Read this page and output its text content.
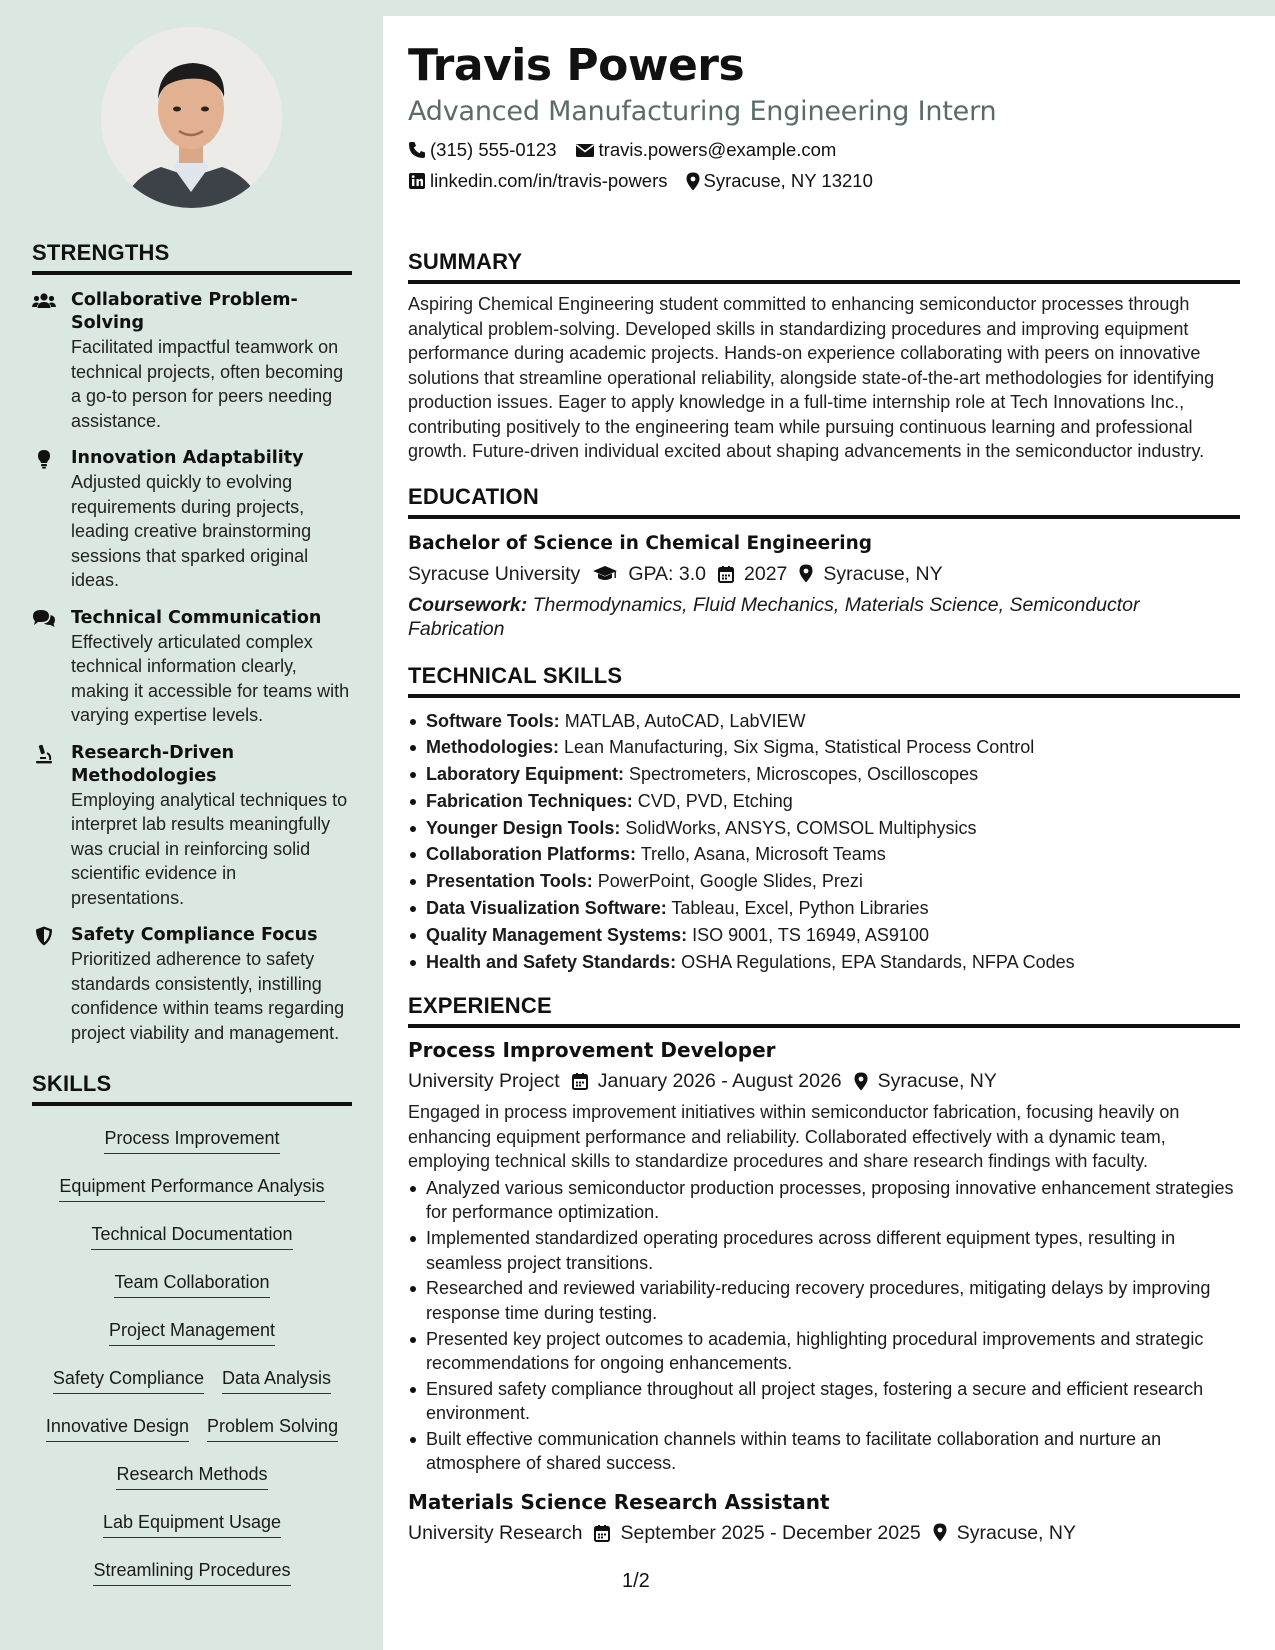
STRENGTHS
Collaborative Problem-Solving
Facilitated impactful teamwork on technical projects, often becoming a go-to person for peers needing assistance.
Innovation Adaptability
Adjusted quickly to evolving requirements during projects, leading creative brainstorming sessions that sparked original ideas.
Technical Communication
Effectively articulated complex technical information clearly, making it accessible for teams with varying expertise levels.
Research-Driven Methodologies
Employing analytical techniques to interpret lab results meaningfully was crucial in reinforcing solid scientific evidence in presentations.
Safety Compliance Focus
Prioritized adherence to safety standards consistently, instilling confidence within teams regarding project viability and management.
SKILLS
Process Improvement
Equipment Performance Analysis
Technical Documentation
Team Collaboration
Project Management
Safety Compliance Data Analysis
Innovative Design Problem Solving
Research Methods
Lab Equipment Usage
Streamlining Procedures
Travis Powers
Advanced Manufacturing Engineering Intern
(315) 555-0123 travis.powers@example.com
linkedin.com/in/travis-powers Syracuse, NY 13210
SUMMARY
Aspiring Chemical Engineering student committed to enhancing semiconductor processes through analytical problem-solving. Developed skills in standardizing procedures and improving equipment performance during academic projects. Hands-on experience collaborating with peers on innovative solutions that streamline operational reliability, alongside state-of-the-art methodologies for identifying production issues. Eager to apply knowledge in a full-time internship role at Tech Innovations Inc., contributing positively to the engineering team while pursuing continuous learning and professional growth. Future-driven individual excited about shaping advancements in the semiconductor industry.
EDUCATION
Bachelor of Science in Chemical Engineering
Syracuse University GPA: 3.0 2027 Syracuse, NY
Coursework: Thermodynamics, Fluid Mechanics, Materials Science, Semiconductor Fabrication
TECHNICAL SKILLS
Software Tools: MATLAB, AutoCAD, LabVIEW
Methodologies: Lean Manufacturing, Six Sigma, Statistical Process Control
Laboratory Equipment: Spectrometers, Microscopes, Oscilloscopes
Fabrication Techniques: CVD, PVD, Etching
Younger Design Tools: SolidWorks, ANSYS, COMSOL Multiphysics
Collaboration Platforms: Trello, Asana, Microsoft Teams
Presentation Tools: PowerPoint, Google Slides, Prezi
Data Visualization Software: Tableau, Excel, Python Libraries
Quality Management Systems: ISO 9001, TS 16949, AS9100
Health and Safety Standards: OSHA Regulations, EPA Standards, NFPA Codes
EXPERIENCE
Process Improvement Developer
University Project January 2026 - August 2026 Syracuse, NY
Engaged in process improvement initiatives within semiconductor fabrication, focusing heavily on enhancing equipment performance and reliability. Collaborated effectively with a dynamic team, employing technical skills to standardize procedures and share research findings with faculty.
Analyzed various semiconductor production processes, proposing innovative enhancement strategies for performance optimization.
Implemented standardized operating procedures across different equipment types, resulting in seamless project transitions.
Researched and reviewed variability-reducing recovery procedures, mitigating delays by improving response time during testing.
Presented key project outcomes to academia, highlighting procedural improvements and strategic recommendations for ongoing enhancements.
Ensured safety compliance throughout all project stages, fostering a secure and efficient research environment.
Built effective communication channels within teams to facilitate collaboration and nurture an atmosphere of shared success.
Materials Science Research Assistant
University Research September 2025 - December 2025 Syracuse, NY
1/2
